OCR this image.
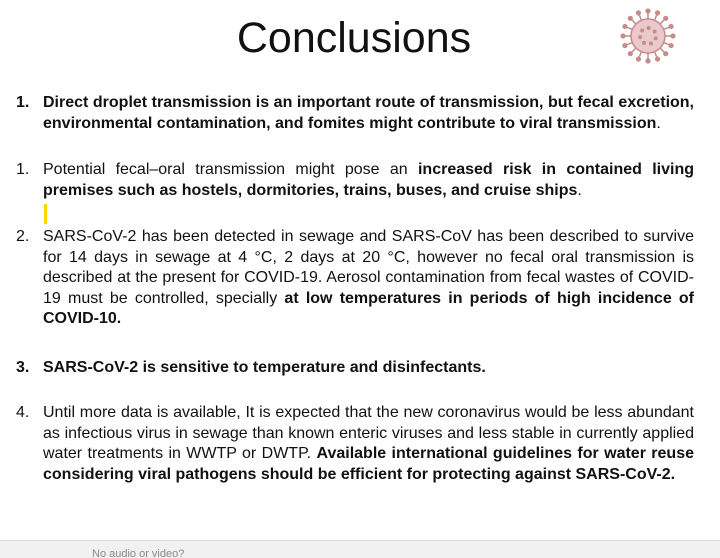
Conclusions
1. Direct droplet transmission is an important route of transmission, but fecal excretion, environmental contamination, and fomites might contribute to viral transmission.
1. Potential fecal–oral transmission might pose an increased risk in contained living premises such as hostels, dormitories, trains, buses, and cruise ships.
2. SARS-CoV-2 has been detected in sewage and SARS-CoV has been described to survive for 14 days in sewage at 4 °C, 2 days at 20 °C, however no fecal oral transmission is described at the present for COVID-19. Aerosol contamination from fecal wastes of COVID-19 must be controlled, specially at low temperatures in periods of high incidence of COVID-10.
3. SARS-CoV-2 is sensitive to temperature and disinfectants.
4. Until more data is available, It is expected that the new coronavirus would be less abundant as infectious virus in sewage than known enteric viruses and less stable in currently applied water treatments in WWTP or DWTP. Available international guidelines for water reuse considering viral pathogens should be efficient for protecting against SARS-CoV-2.
No audio or video?
